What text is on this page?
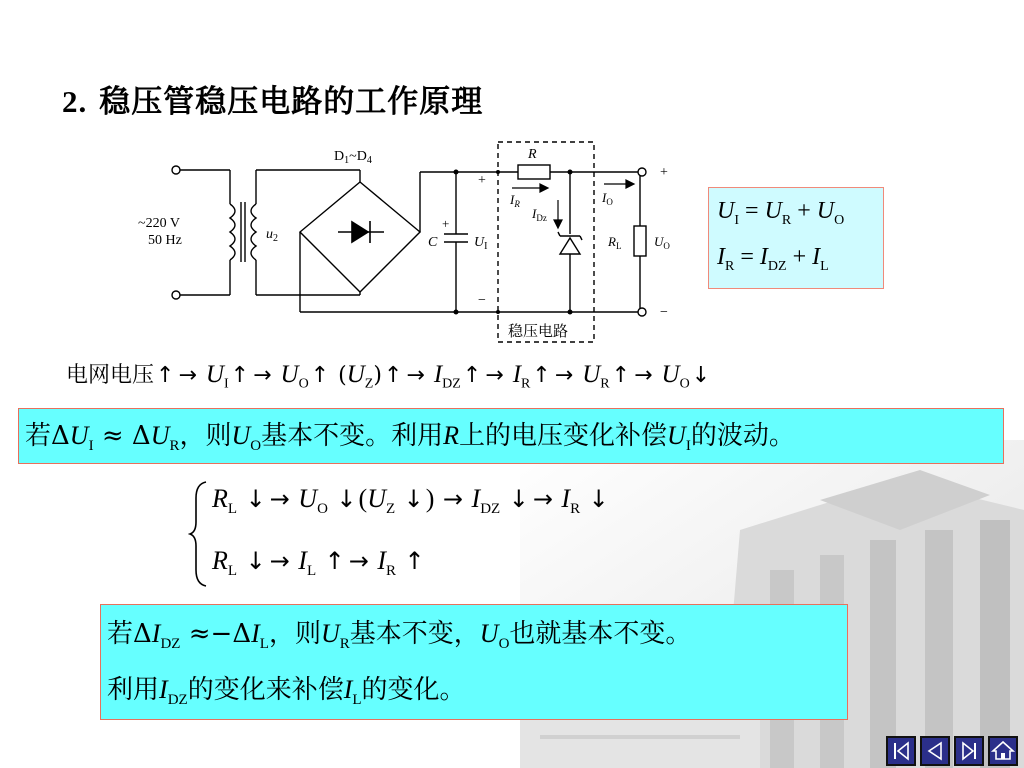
2. 稳压管稳压电路的工作原理
$D_1\sim D_4$
~220 V
50 Hz	$u_2$	C
+
$U_I$
+
−
R
$I_R$
$I_{Dz}$
$I_O$
$R_L$	$U_O$
+
−
稳压电路
$U_I = U_R + U_O$
$I_R = I_{DZ} + I_L$
电网电压↑ → $U_I↑$ → $U_O↑$ $(U_Z)↑$ → $I_{DZ}↑$ → $I_R↑$ → $U_R↑$ → $U_O↓$
若$\Delta U_I \approx \Delta U_R$，则$U_O$基本不变。利用R上的电压变化补偿$U_I$的波动。
$R_L$ ↓ → $U_O$ $↓(U_Z$ ↓) → $I_{DZ}$ ↓ → $I_R$ ↓
$R_L$ ↓ → $I_L$ ↑ → $I_R$ ↑
若$\Delta I_{DZ} \approx-\Delta I_L$，则$U_R$基本不变，$U_O$也就基本不变。
利用$I_{DZ}$的变化来补偿$I_L$的变化。
